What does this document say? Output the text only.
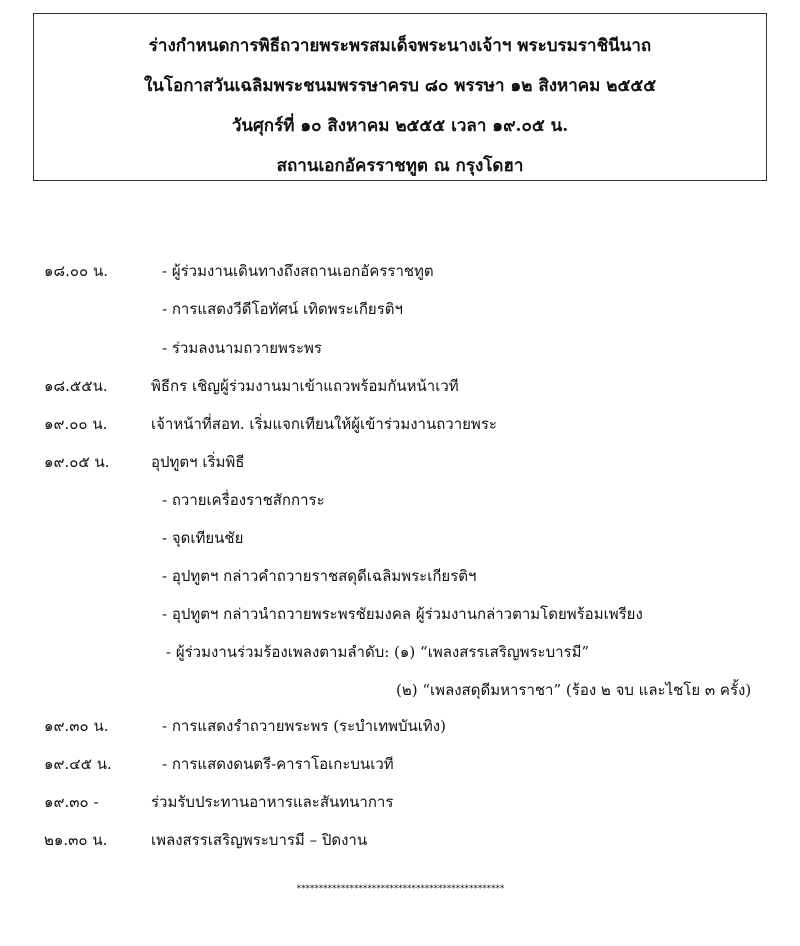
ร่างกำหนดการพิธีถวายพระพรสมเด็จพระนางเจ้าฯ พระบรมราชินีนาถ
ในโอกาสวันเฉลิมพระชนมพรรษาครบ ๘๐ พรรษา ๑๒ สิงหาคม ๒๕๕๕
วันศุกร์ที่ ๑๐ สิงหาคม ๒๕๕๕ เวลา ๑๙.๐๕ น.
สถานเอกอัครราชทูต ณ กรุงโดฮา
๑๘.๐๐ น.	- ผู้ร่วมงานเดินทางถึงสถานเอกอัครราชทูต
- การแสดงวีดีโอทัศน์ เทิดพระเกียรติฯ
- ร่วมลงนามถวายพระพร
๑๘.๕๕น.	พิธีกร เชิญผู้ร่วมงานมาเข้าแถวพร้อมกันหน้าเวที
๑๙.๐๐ น.	เจ้าหน้าที่สอท. เริ่มแจกเทียนให้ผู้เข้าร่วมงานถวายพระ
๑๙.๐๕ น.	อุปทูตฯ เริ่มพิธี
- ถวายเครื่องราชสักการะ
- จุดเทียนชัย
- อุปทูตฯ กล่าวคำถวายราชสดุดีเฉลิมพระเกียรติฯ
- อุปทูตฯ กล่าวนำถวายพระพรชัยมงคล ผู้ร่วมงานกล่าวตามโดยพร้อมเพรียง
- ผู้ร่วมงานร่วมร้องเพลงตามลำดับ: (๑) “เพลงสรรเสริญพระบารมี”
(๒) “เพลงสดุดีมหาราชา” (ร้อง ๒ จบ และไชโย ๓ ครั้ง)
๑๙.๓๐ น.	- การแสดงรำถวายพระพร (ระบำเทพบันเทิง)
๑๙.๔๕ น.	- การแสดงดนตรี-คาราโอเกะบนเวที
๑๙.๓๐ -	ร่วมรับประทานอาหารและสันทนาการ
๒๑.๓๐ น.	เพลงสรรเสริญพระบารมี – ปิดงาน
***********************************************
